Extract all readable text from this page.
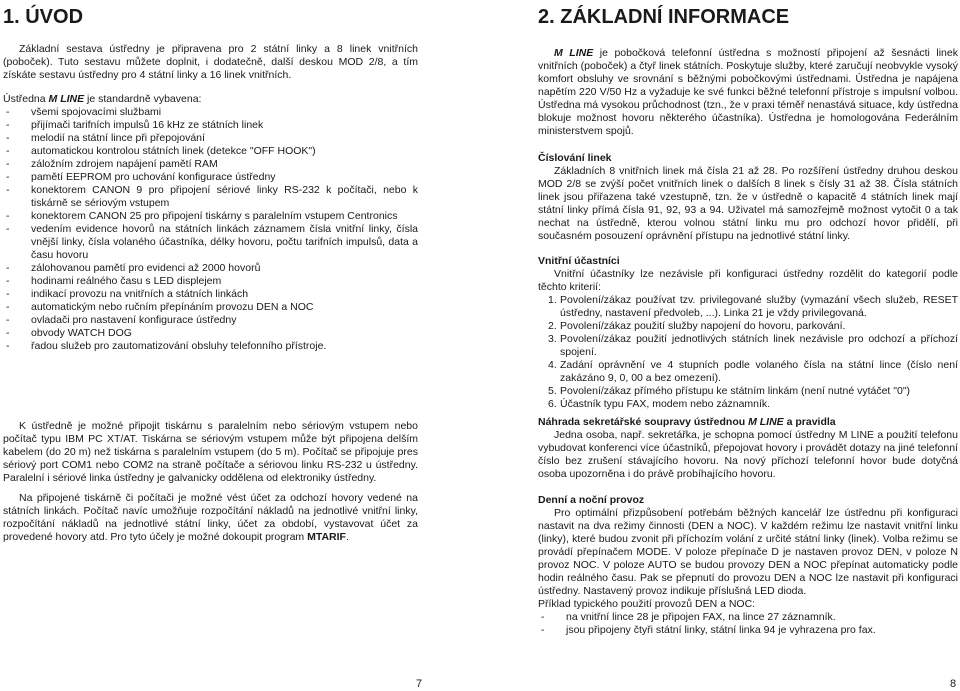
1. ÚVOD

Základní sestava ústředny je připravena pro 2 státní linky a 8 linek vnitřních (poboček). Tuto sestavu můžete doplnit, i dodatečně, další deskou MOD 2/8, a tím získáte sestavu ústředny pro 4 státní linky a 16 linek vnitřních.

Ústředna M LINE je standardně vybavena:

- všemi spojovacími službami
- přijímači tarifních impulsů 16 kHz ze státních linek
- melodií na státní lince při přepojování
- automatickou kontrolou státních linek (detekce "OFF HOOK")
- záložním zdrojem napájení pamětí RAM
- pamětí EEPROM pro uchování konfigurace ústředny
- konektorem CANON 9 pro připojení sériové linky RS-232 k počítači, nebo k tiskárně se sériovým vstupem
- konektorem CANON 25 pro připojení tiskárny s paralelním vstupem Centronics
- vedením evidence hovorů na státních linkách záznamem čísla vnitřní linky, čísla vnější linky, čísla volaného účastníka, délky hovoru, počtu tarifních impulsů, data a času hovoru
- zálohovanou pamětí pro evidenci až 2000 hovorů
- hodinami reálného času s LED displejem
- indikací provozu na vnitřních a státních linkách
- automatickým nebo ručním přepínáním provozu DEN a NOC
- ovladači pro nastavení konfigurace ústředny
- obvody WATCH DOG
- řadou služeb pro zautomatizování obsluhy telefonního přístroje.

K ústředně je možné připojit tiskárnu s paralelním nebo sériovým vstupem nebo počítač typu IBM PC XT/AT. Tiskárna se sériovým vstupem může být připojena delším kabelem (do 20 m) než tiskárna s paralelním vstupem (do 5 m). Počítač se připojuje pres sériový port COM1 nebo COM2 na straně počítače a sériovou linku RS-232 u ústředny. Paralelní i sériové linka ústředny je galvanicky oddělena od elektroniky ústředny.

Na připojené tiskárně či počítači je možné vést účet za odchozí hovory vedené na státních linkách. Počítač navíc umožňuje rozpočítání nákladů na jednotlivé vnitřní linky, rozpočítání nákladů na jednotlivé státní linky, účet za období, vystavovat účet za provedené hovory atd. Pro tyto účely je možné dokoupit program MTARIF.

7
2. ZÁKLADNÍ INFORMACE

M LINE je pobočková telefonní ústředna s možností připojení až šesnácti linek vnitřních (poboček) a čtyř linek státních. Poskytuje služby, které zaručují neobvykle vysoký komfort obsluhy ve srovnání s běžnými pobočkovými ústřednami. Ústředna je napájena napětím 220 V/50 Hz a vyžaduje ke své funkci běžné telefonní přístroje s impulsní volbou. Ústředna má vysokou průchodnost (tzn., že v praxi téměř nenastává situace, kdy ústředna blokuje možnost hovoru některého účastníka). Ústředna je homologována Federálním ministerstvem spojů.

Číslování linek

Základních 8 vnitřních linek má čísla 21 až 28. Po rozšíření ústředny druhou deskou MOD 2/8 se zvýší počet vnitřních linek o dalších 8 linek s čísly 31 až 38. Čísla státních linek jsou přiřazena také vzestupně, tzn. že v ústředně o kapacitě 4 státních linek mají státní linky přímá čísla 91, 92, 93 a 94. Uživatel má samozřejmě možnost vytočit 0 a tak nechat na ústředně, kterou volnou státní linku mu pro odchozí hovor přidělí, při současném posouzení oprávnění přístupu na jednotlivé státní linky.

Vnitřní účastníci

Vnitřní účastníky lze nezávisle při konfiguraci ústředny rozdělit do kategorií podle těchto kriterií:

1. Povolení/zákaz používat tzv. privilegované služby (vymazání všech služeb, RESET ústředny, nastavení předvoleb, ...). Linka 21 je vždy privilegovaná.
2. Povolení/zákaz použití služby napojení do hovoru, parkování.
3. Povolení/zákaz použití jednotlivých státních linek nezávisle pro odchozí a příchozí spojení.
4. Zadání oprávnění ve 4 stupních podle volaného čísla na státní lince (číslo není zakázáno 9, 0, 00 a bez omezení).
5. Povolení/zákaz přímého přístupu ke státním linkám (není nutné vytáčet "0")
6. Účastník typu FAX, modem nebo záznamník.

Náhrada sekretářské soupravy ústřednou M LINE a pravidla

Jedna osoba, např. sekretářka, je schopna pomocí ústředny M LINE a použití telefonu vybudovat konferenci více účastníků, přepojovat hovory i provádět dotazy na jiné telefonní číslo bez zrušení stávajícího hovoru. Na nový příchozí telefonní hovor bude dotyčná osoba upozorněna i do právě probíhajícího hovoru.

Denní a noční provoz

Pro optimální přizpůsobení potřebám běžných kancelář lze ústřednu při konfiguraci nastavit na dva režimy činnosti (DEN a NOC). V každém režimu lze nastavit vnitřní linku (linky), které budou zvonit při příchozím volání z určité státní linky (linek). Volba režimu se provádí přepínačem MODE. V poloze přepínače D je nastaven provoz DEN, v poloze N provoz NOC. V poloze AUTO se budou provozy DEN a NOC přepínat automaticky podle hodin reálného času. Pak se přepnutí do provozu DEN a NOC lze nastavit při konfiguraci ústředny. Nastavený provoz indikuje příslušná LED dioda.

Příklad typického použití provozů DEN a NOC:

- na vnitřní lince 28 je připojen FAX, na lince 27 záznamník.
- jsou připojeny čtyři státní linky, státní linka 94 je vyhrazena pro fax.
8
